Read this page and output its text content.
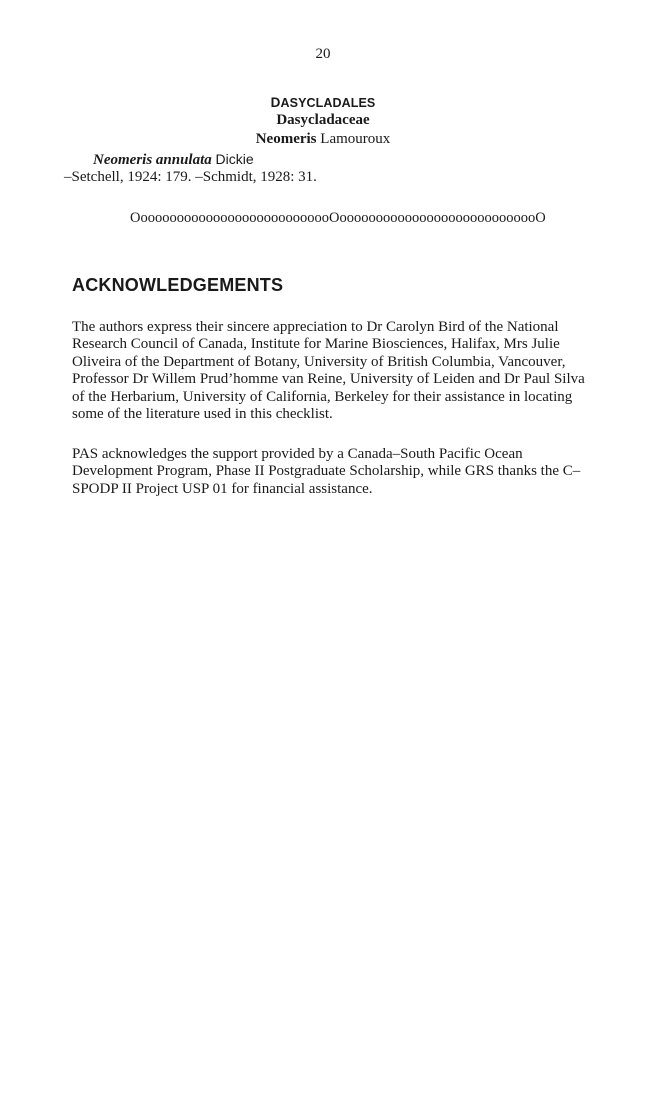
20
DASYCLADALES
Dasycladaceae
Neomeris Lamouroux
Neomeris annulata Dickie
–Setchell, 1924: 179. –Schmidt, 1928: 31.
OooooooooooooooooooooooooooOoooooooooooooooooooooooooooO
ACKNOWLEDGEMENTS
The authors express their sincere appreciation to Dr Carolyn Bird of the National
Research Council of Canada, Institute for Marine Biosciences, Halifax, Mrs Julie
Oliveira of the Department of Botany, University of British Columbia, Vancouver,
Professor Dr Willem Prud’homme van Reine, University of Leiden and Dr Paul Silva
of the Herbarium, University of California, Berkeley for their assistance in locating
some of the literature used in this checklist.
PAS acknowledges the support provided by a Canada–South Pacific Ocean
Development Program, Phase II Postgraduate Scholarship, while GRS thanks the C–
SPODP II Project USP 01 for financial assistance.
